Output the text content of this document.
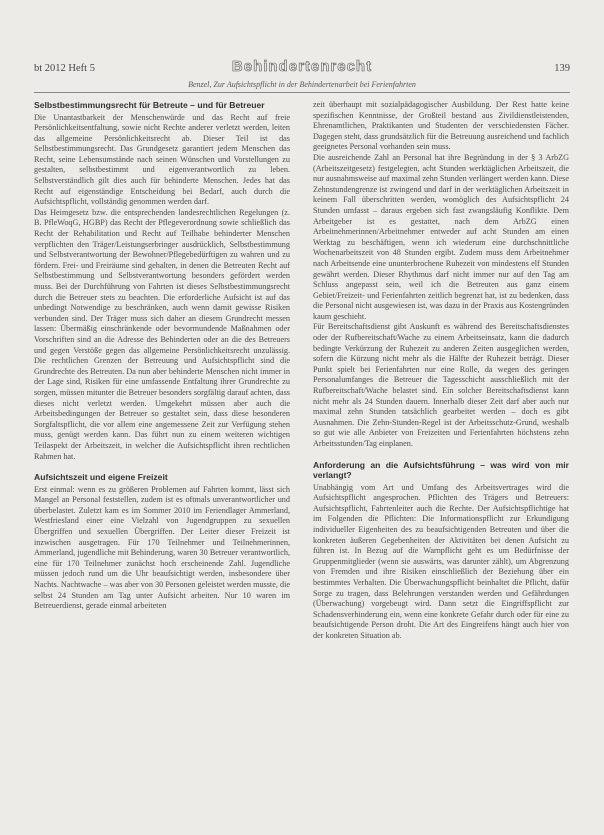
bt 2012 Heft 5	Behindertenrecht	139
Benzel, Zur Aufsichtspflicht in der Behindertenarbeit bei Ferienfahrten
Selbstbestimmungsrecht für Betreute – und für Betreuer

Die Unantastbarkeit der Menschenwürde und das Recht auf freie Persönlichkeitsentfaltung, sowie nicht Rechte anderer verletzt werden, leiten das allgemeine Persönlichkeitsrecht ab. Dieser Teil ist das Selbstbestimmungsrecht. Das Grundgesetz garantiert jedem Menschen das Recht, seine Lebensumstände nach seinen Wünschen und Vorstellungen zu gestalten, selbstbestimmt und eigenverantwortlich zu leben. Selbstverständlich gilt dies auch für behinderte Menschen. Jedes hat das Recht auf eigenständige Entscheidung bei Bedarf, auch durch die Aufsichtspflicht, vollständig genommen werden darf.

Das Heimgesetz bzw. die entsprechenden landesrechtlichen Regelungen (z. B. PfleWoqG, HGBP) das Recht der Pflegeverordnung sowie schließlich das Recht der Rehabilitation und Recht auf Teilhabe behinderter Menschen verpflichten den Träger/Leistungserbringer ausdrücklich, Selbstbestimmung und Selbstverantwortung der Bewohner/Pflegebedürftigen zu wahren und zu fördern. Frei- und Freiräume sind gehalten, in denen die Betreuten Recht auf Selbstbestimmung und Selbstverantwortung besonders gefördert werden muss. Bei der Durchführung von Fahrten ist dieses Selbstbestimmungsrecht durch die Betreuer stets zu beachten. Die erforderliche Aufsicht ist auf das unbedingt Notwendige zu beschränken, auch wenn damit gewisse Risiken verbunden sind. Der Träger muss sich daher an diesem Grundrecht messen lassen: Übermäßig einschränkende oder bevormundende Maßnahmen oder Vorschriften sind an die Adresse des Behinderten oder an die des Betreuers und gegen Verstöße gegen das allgemeine Persönlichkeitsrecht unzulässig. Die rechtlichen Grenzen der Betreuung und Aufsichtspflicht sind die Grundrechte des Betreuten. Da nun aber behinderte Menschen nicht immer in der Lage sind, Risiken für eine umfassende Entfaltung ihrer Grundrechte zu sorgen, müssen mitunter die Betreuer besonders sorgfältig darauf achten, dass dieses nicht verletzt werden. Umgekehrt müssen aber auch die Arbeitsbedingungen der Betreuer so gestaltet sein, dass diese besonderen Sorgfaltspflicht, die vor allem eine angemessene Zeit zur Verfügung stehen muss, genügt werden kann. Das führt nun zu einem weiteren wichtigen Teilaspekt der Arbeitszeit, in welcher die Aufsichtspflicht ihren rechtlichen Rahmen hat.

Aufsichtszeit und eigene Freizeit

Erst einmal: wenn es zu größeren Problemen auf Fahrten kommt, lässt sich Mangel an Personal feststellen, zudem ist es oftmals unverantwortlicher und überbelastet. Zuletzt kam es im Sommer 2010 im Feriendlager Ammerland, Westfriesland einer eine Vielzahl von Jugendgruppen zu sexuellen Übergriffen und sexuellen Übergriffen. Der Leiter dieser Freizeit ist inzwischen ausgetragen. Für 170 Teilnehmer und Teilnehmerinnen, Ammerland, jugendliche mit Behinderung, waren 30 Betreuer verantwortlich, eine für 170 Teilnehmer zunächst hoch erscheinende Zahl. Jugendliche müssen jedoch rund um die Uhr beaufsichtigt werden, insbesondere über Nachts. Nachtwache – was aber von 30 Personen geleistet werden musste, die selbst 24 Stunden am Tag unter Aufsicht arbeiten. Nur 10 waren im Betreuerdienst, gerade einmal arbeiteten

zeit überhaupt mit sozialpädagogischer Ausbildung. Der Rest hatte keine spezifischen Kenntnisse, der Großteil bestand aus Zivildienstleistenden, Ehrenamtlichen, Praktikanten und Studenten der verschiedensten Fächer. Dagegen steht, dass grundsätzlich für die Betreuung ausreichend und fachlich geeignetes Personal vorhanden sein muss.

Die ausreichende Zahl an Personal hat ihre Begründung in der § 3 ArbZG (Arbeitszeitgesetz) festgelegten, acht Stunden werktäglichen Arbeitszeit, die nur ausnahmsweise auf maximal zehn Stunden verlängert werden kann. Diese Zehnstundengrenze ist zwingend und darf in der werktäglichen Arbeitszeit in keinem Fall überschritten werden, womöglich des Aufsichtspflicht 24 Stunden umfasst – daraus ergeben sich fast zwangsläufig Konflikte. Dem Arbeitgeber ist es gestattet, nach dem ArbZG einen Arbeitnehmerinnen/Arbeitnehmer entweder auf acht Stunden am einen Werktag zu beschäftigen, wenn ich wiederum eine durchschnittliche Wochenarbeitszeit von 48 Stunden ergibt. Zudem muss dem Arbeitnehmer nach Arbeitsende eine ununterbrochene Ruhezeit von mindestens elf Stunden gewährt werden. Dieser Rhythmus darf nicht immer nur auf den Tag am Schluss angepasst sein, weil ich die Betreuten aus ganz einem Gebiet/Freizeit- und Ferienfahrten zeitlich begrenzt hat, ist zu bedenken, dass die Personal nicht ausgewiesen ist, was dazu in der Praxis aus Kostengründen kaum geschieht.

Für Bereitschaftsdienst gibt Auskunft es während des Bereitschaftsdienstes oder der Rufbereitschaft/Wache zu einem Arbeitseinsatz, kann die dadurch bedingte Verkürzung der Ruhezeit zu anderen Zeiten ausgeglichen werden, sofern die Kürzung nicht mehr als die Hälfte der Ruhezeit beträgt. Dieser Punkt spielt bei Ferienfahrten nur eine Rolle, da wegen des geringen Personalumfanges die Betreuer die Tagesschicht ausschließlich mit der Rufbereitschaft/Wache belastet sind. Ein solcher Bereitschaftsdienst kann nicht mehr als 24 Stunden dauern. Innerhalb dieser Zeit darf aber auch nur maximal zehn Stunden tatsächlich gearbeitet werden – doch es gibt Ausnahmen. Die Zehn-Stunden-Regel ist der Arbeitsschutz-Grund, weshalb so gut wie alle Anbieter von Freizeiten und Ferienfahrten höchstens zehn Arbeitsstunden/Tag einplanen.

Anforderung an die Aufsichtsführung – was wird von mir verlangt?

Unabhängig vom Art und Umfang des Arbeitsvertrages wird die Aufsichtspflicht angesprochen. Pflichten des Trägers und Betreuers: Aufsichtspflicht, Fahrtenleiter auch die Rechte. Der Aufsichtspflichtige hat im Folgenden die Pflichten: Die Informationspflicht zur Erkundigung individueller Eigenheiten des zu beaufsichtigenden Betreuten und über die konkreten äußeren Gegebenheiten der Aktivitäten bei denen Aufsicht zu führen ist. In Bezug auf die Warnpflicht geht es um Bedürfnisse der Gruppenmitglieder (wenn sie auswärts, was darunter zählt), um Abgrenzung von Fremden und ihre Risiken einschließlich der Beziehung über ein bestimmtes Verhalten. Die Überwachungspflicht beinhaltet die Pflicht, dafür Sorge zu tragen, dass Belehrungen verstanden werden und Gefährdungen (Überwachung) vorgebeugt wird. Dann setzt die Eingriffspflicht zur Schadensverhinderung ein, wenn eine konkrete Gefahr durch oder für eine zu beaufsichtigende Person droht. Die Art des Eingreifens hängt auch hier von der konkreten Situation ab.
